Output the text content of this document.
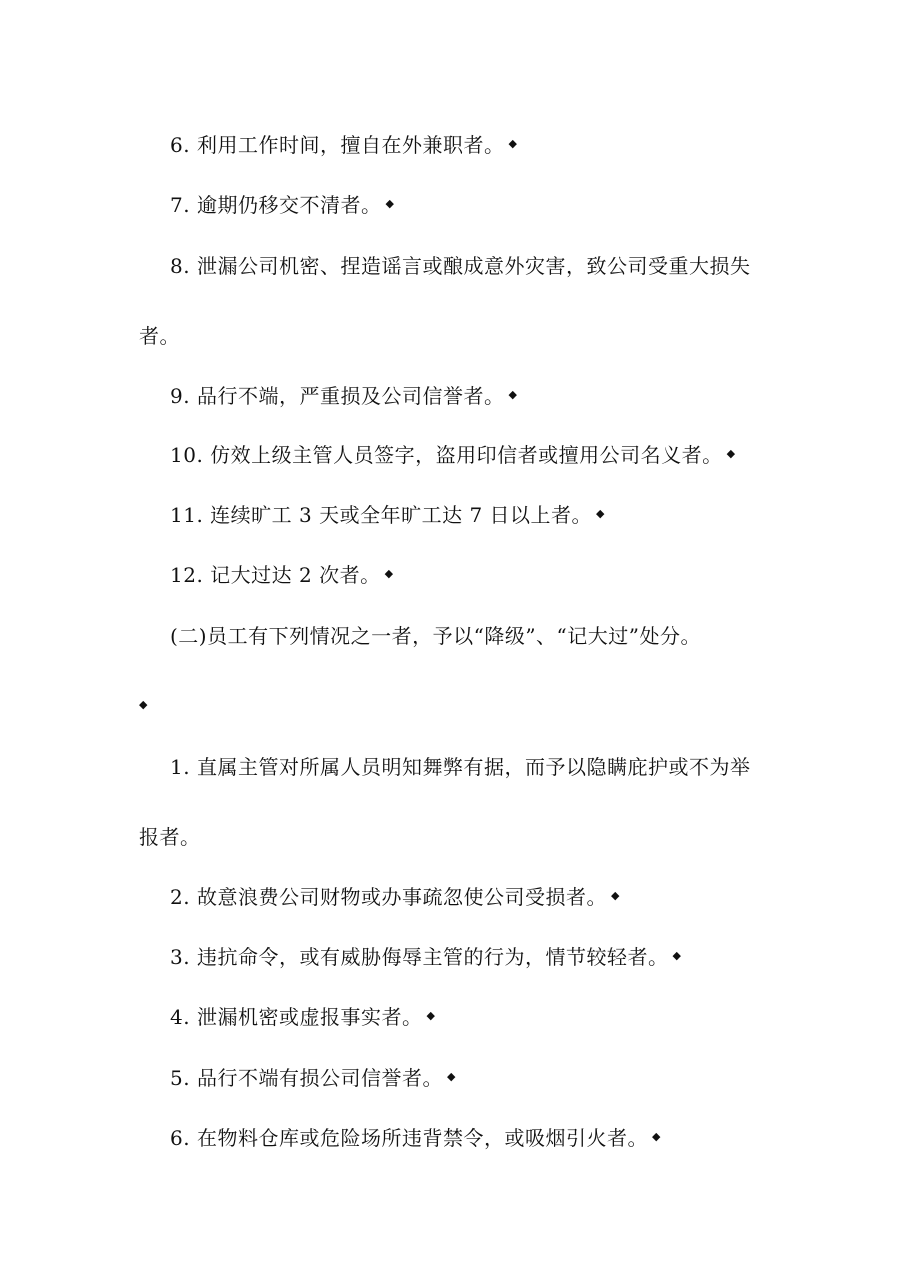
6. 利用工作时间，擅自在外兼职者。 ◆
7. 逾期仍移交不清者。 ◆
8. 泄漏公司机密、捏造谣言或酿成意外灾害，致公司受重大损失
者。
9. 品行不端，严重损及公司信誉者。 ◆
10. 仿效上级主管人员签字，盗用印信者或擅用公司名义者。 ◆
11. 连续旷工 3 天或全年旷工达 7 日以上者。 ◆
12. 记大过达 2 次者。 ◆
(二)员工有下列情况之一者，予以“降级”、“记大过”处分。
◆
1. 直属主管对所属人员明知舞弊有据，而予以隐瞒庇护或不为举
报者。
2. 故意浪费公司财物或办事疏忽使公司受损者。 ◆
3. 违抗命令，或有威胁侮辱主管的行为，情节较轻者。 ◆
4. 泄漏机密或虚报事实者。 ◆
5. 品行不端有损公司信誉者。 ◆
6. 在物料仓库或危险场所违背禁令，或吸烟引火者。 ◆
